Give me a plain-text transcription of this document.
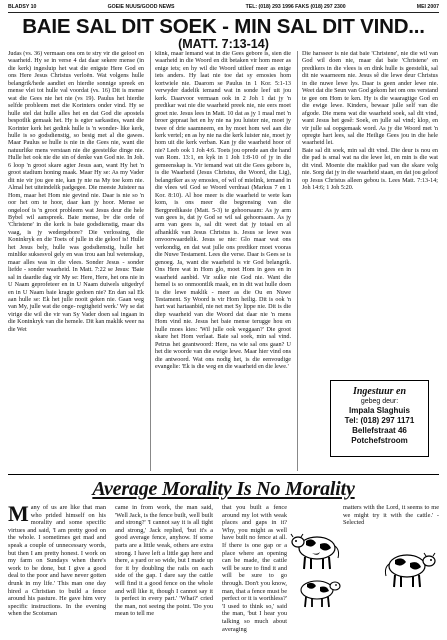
BLADSY 10	GOEIE NUUS/GOOD NEWS	TEL: (018) 293 1996 FAKS (018) 297 2300	MEI 2007
BAIE SAL DIT SOEK - MIN SAL DIT VIND...
(MATT. 7:13-14)

Judas (vs. 36) vermaan ons om te stry vir die geloof en waarheid. Hy se in verse 4 dat daar sekere mense (in die kerk) ingesluip het wat die enigste Here God en ons Here Jesus Christus verloën. Wat volgens hulle belangrik/hede aandiet en hierdie sonnige spreek en mense vlei tot hulle val voordat (vs. 16) Dit is mense wat die Gees nie het nie (vs 19). Paulus het hierdie selfde probleem met die Korinters onder vind. Hy se hulle stel dat hulle alles het en dat God die apostels bespotlik gemaak het. Hy is egter sarkasties, want die Korinter kerk het gedink hulle is 'n wonder- like kerk, hulle is so godsdienstig, so besig met al die gawes. Maar Paulus se hulle is nie in die Gees nie, want die natuurlike mens verstaan nie die geestelike dinge nie. Hulle het ook nie die sin of denke van God nie. In Joh. 6 loop 'n groot skare agter Jesus aan, want Hy het 'n groot stadium honing maak. Maar Hy se: As my Vader dit nie vir jou gee nie, kan jy nie na My toe kom nie. Almal het uiteindelik padgegee. Die meeste Juisteer na Hom, maar het Hom nie gevind nie. Daar is nie so 'n oor het om te hoor, daar kan jy hoor. Mense se ongeloof is 'n groot probleem wat Jesus deur die hele Bybel wil aanspreek. Baie mense, bv die orde of 'Christene' in die kerk is baie godsdienstig, maar dis vaag, is jy wedergebore? Die verlossing, die Koninkryk en die Toets of julle in die geloof is! Hulle het Jesus bely, hulle was godsdienstig, hulle het minlike suksesvol gely en was trou aan hul wetenskap, maar alles was in die vlees. Sonder Jesus - sonder liefde - sonder waarheid. In Matt. 7:22 se Jesus: 'Baie sal in daardie dag vir My se: Here, Here, het ons nie in U Naam geprofeteer en in U Naam duiwels uitgedryf en in U Naam baie kragte gedoen nie? En dan sal Ek aan hulle se: Ek het julle nooit geken nie. Gaan weg van My, julle wat die onge- regtigheid werk.' Wy se dat virige die wil die vir van Sy Vader doen sal ingaan in die Koninkryk van die hemele. Dit kan maklik weer na die Wet

klink, maar lemand wat in die Gees gebore is, sien die waarheid in die Woord en dit betaken vir hom meer as enige iets; en hy wil die Woord uitleef meer as enige iets anders. Hy laat nie toe dat sy emosies hom kortwiele nie. Daarom se Paulus in 1 Kor. 5:1-13 verwyder dadelik iemand wat in sonde leef uit jou kerk. Daarvoor vermaan ook in 2 Joh 1 dat jy 'n predikar wat nie die waarheid preek nie, nie eers moet groet nie. Jesus lees in Matt. 10 dat as jy 1 maal met 'n broer gepraat het en hy nie na jou luister nie, moet jy twee of drie saamneem, en hy moet hom wel aan die kerk vertel; en as hy nie na die kerk luister nie, moet jy hom uit die kerk verban. Kan jy die waarheid hoor of nie? Leeb ook 1 Joh 4:6. Toets jou oprede aan die hand van Rom. 13:1, en kyk in 1 Joh 1:8-10 of jy in die gemeenskap is. Vir iemand wat uit die Gees gebore is, is die Waarheid (Jesus Christus, die Woord, die Lig), belangriker as sy emosies, of wil of mielink, iemand in die vlees wil God se Woord verdraai (Markus 7 en 1 Kor. 8:10). Al hoe meer is die waarheid te wete kan kom, is ons meer die begrensing van die Bergpredikasie (Matt. 5-3) te gehoorsaam: As jy arm van gees is, dat jy God se wil sal gehoorsaam. As jy arm van gees is, sal dit weet dat jy totaal en al afhanklik van Jesus Christus is. Jesus se lewe was onvoorwaardelik. Jesus se nie: Glo maar wat ons verkondig, en dat wat julle ons prediker moet vooras die Nuwe Testament. Lees die verse. Daar is Gees se is genoeg. Ja, want die waarheid is vir God belangrik. Ons Here wat in Hom glo, moet Hom in gees en in waarheid aanbid. Vir sulke nie God nie. Want die hemel is so onmoontlik maak, en in dit wat hulle doen is die lewe maklik - meer as die Ou en Nuwe Testament. Sy Woord is vir Hom heilig. Dit is ook 'n hart wat hartaanbid, nie net met Sy lippe nie. Dit is die diep waarheid van die Woord dat daar nie 'n mens Hom vind nie. Jesus het baie mense terugge hou en hulle moes kies: 'Wil julle ook weggaan?' Die groot skare het Hom verlaat. Baie sal soek, min sal vind. Petrus het geantwoord: Here, na wie sal ons gaan? U het die woorde van die ewige lewe. Maar hier vind ons die antwoord. Wat ons nodig het, is die eenvoudige evangelie: 'Ek is die weg en die waarheid en die lewe.'

Die harsseer is nie dat baie 'Christene', nie die wil van God wil doen nie, maar dat baie 'Christene' en predikers in die vlees is en dink hulle is geestelik, sal dit nie waarneem nie. Jesus sê die lewe deur Christus in die nuwe lewe lys. Daar is geen ander lewe nie. Weet dat die Seun van God gekom het om ons verstand te gee om Hom te ken. Hy is die waaragtige God en die ewige lewe. Kinders, bewaar julle self van die afgode. Die mens wat die waarheid soek, sal dit vind, want Jesus het gesê: Soek, en julle sal vind; klop, en vir julle sal oopgemaak word. As jy die Woord met 'n opregte hart lees, sal die Heilige Gees jou in die hele waarheid lei.

Baie sal dit soek, min sal dit vind. Die deur is nou en die pad is smal wat na die lewe lei, en min is die wat dit vind. Moenie die maklike pad van die skare volg nie. Sorg dat jy in die waarheid staan, en dat jou geloof op Jesus Christus alleen gebou is. Lees Matt. 7:13-14; Joh 14:6; 1 Joh 5:20.

Ingestuur en
gebeg deur:
Impala Slaghuis
Tel: (018) 297 1171
Bellefstraat 46
Potchefstroom
Average Morality Is No Morality
Many of us are like that man who prided himself on his morality and some specific virtues and said, 'I am pretty good on the whole. I sometimes get mad and speak a couple of unnecessary words, but then I am pretty honest. I work on my farm on Sundays when there's work to be done, but I give a good deal to the poor and have never gotten drunk in my life.' This man one day hired a Christian to build a fence around his pasture. He gave him very specific instructions. In the evening when the Scotsman
came in from work, the man said, 'Well Jack, is the fence built, well built and strong?' 'I cannot say it is all tight and strong,' Jack replied, 'but it's a good average fence, anyhow. If some parts are a little weak, others are extra strong. I have left a little gap here and there, a yard or so wide, but I made up for it by doubling the rails on each side of the gap. I dare say the cattle will find it a good fence on the whole and will like it, though I cannot say it is perfect in every part.' 'What?' cried the man, not seeing the point. 'Do you mean to tell me
that you built a fence around my lot with weak places and gaps in it? Why, you might as well have built no fence at all. If there is one gap or a place where an opening can be made, the cattle will be sure to find it and will be sure to go through. Don't you know, man, that a fence must be perfect or it is worthless?' 'I used to think so,' said the man, 'but I hear you talking so much about averaging
matters with the Lord, it seems to me we might try it with the cattle.' - Selected
